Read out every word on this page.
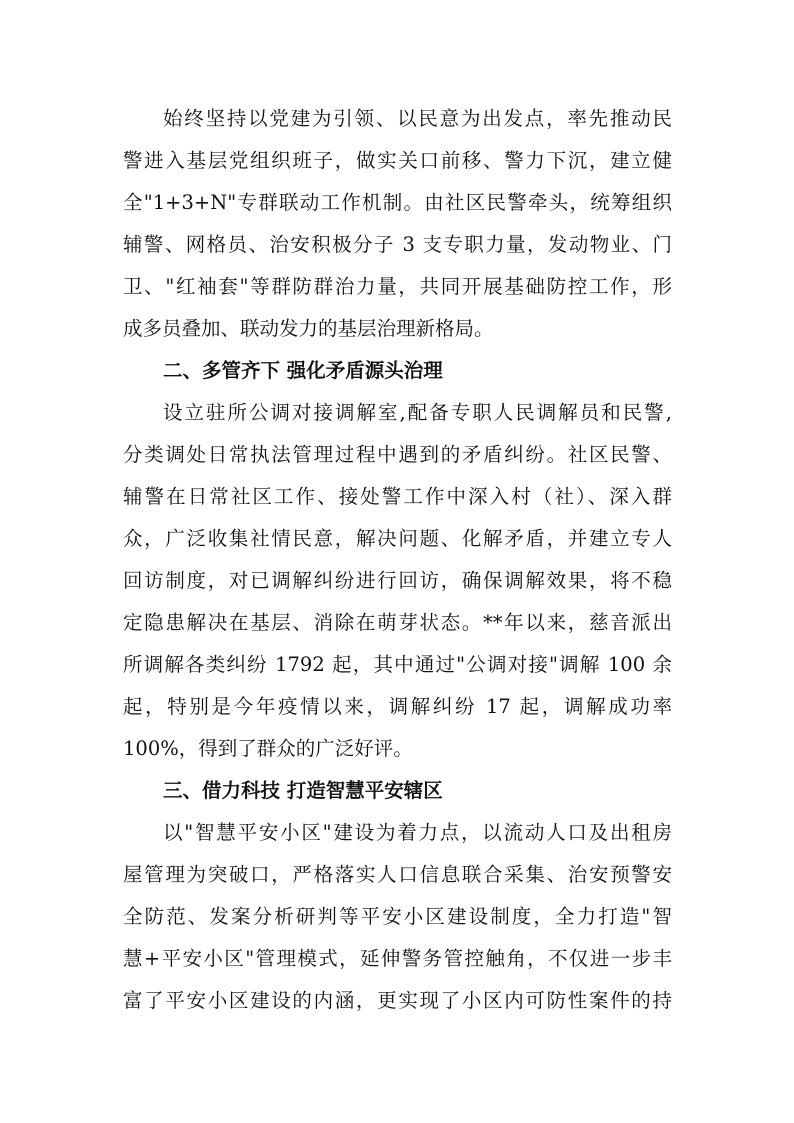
始终坚持以党建为引领、以民意为出发点，率先推动民
警进入基层党组织班子，做实关口前移、警力下沉，建立健
全"1+3+N"专群联动工作机制。由社区民警牵头，统筹组织
辅警、网格员、治安积极分子 3 支专职力量，发动物业、门
卫、"红袖套"等群防群治力量，共同开展基础防控工作，形
成多员叠加、联动发力的基层治理新格局。
二、多管齐下 强化矛盾源头治理
设立驻所公调对接调解室,配备专职人民调解员和民警,
分类调处日常执法管理过程中遇到的矛盾纠纷。社区民警、
辅警在日常社区工作、接处警工作中深入村（社）、深入群
众，广泛收集社情民意，解决问题、化解矛盾，并建立专人
回访制度，对已调解纠纷进行回访，确保调解效果，将不稳
定隐患解决在基层、消除在萌芽状态。**年以来，慈音派出
所调解各类纠纷 1792 起，其中通过"公调对接"调解 100 余
起，特别是今年疫情以来，调解纠纷 17 起，调解成功率
100%，得到了群众的广泛好评。
三、借力科技 打造智慧平安辖区
以"智慧平安小区"建设为着力点，以流动人口及出租房
屋管理为突破口，严格落实人口信息联合采集、治安预警安
全防范、发案分析研判等平安小区建设制度，全力打造"智
慧+平安小区"管理模式，延伸警务管控触角，不仅进一步丰
富了平安小区建设的内涵，更实现了小区内可防性案件的持
